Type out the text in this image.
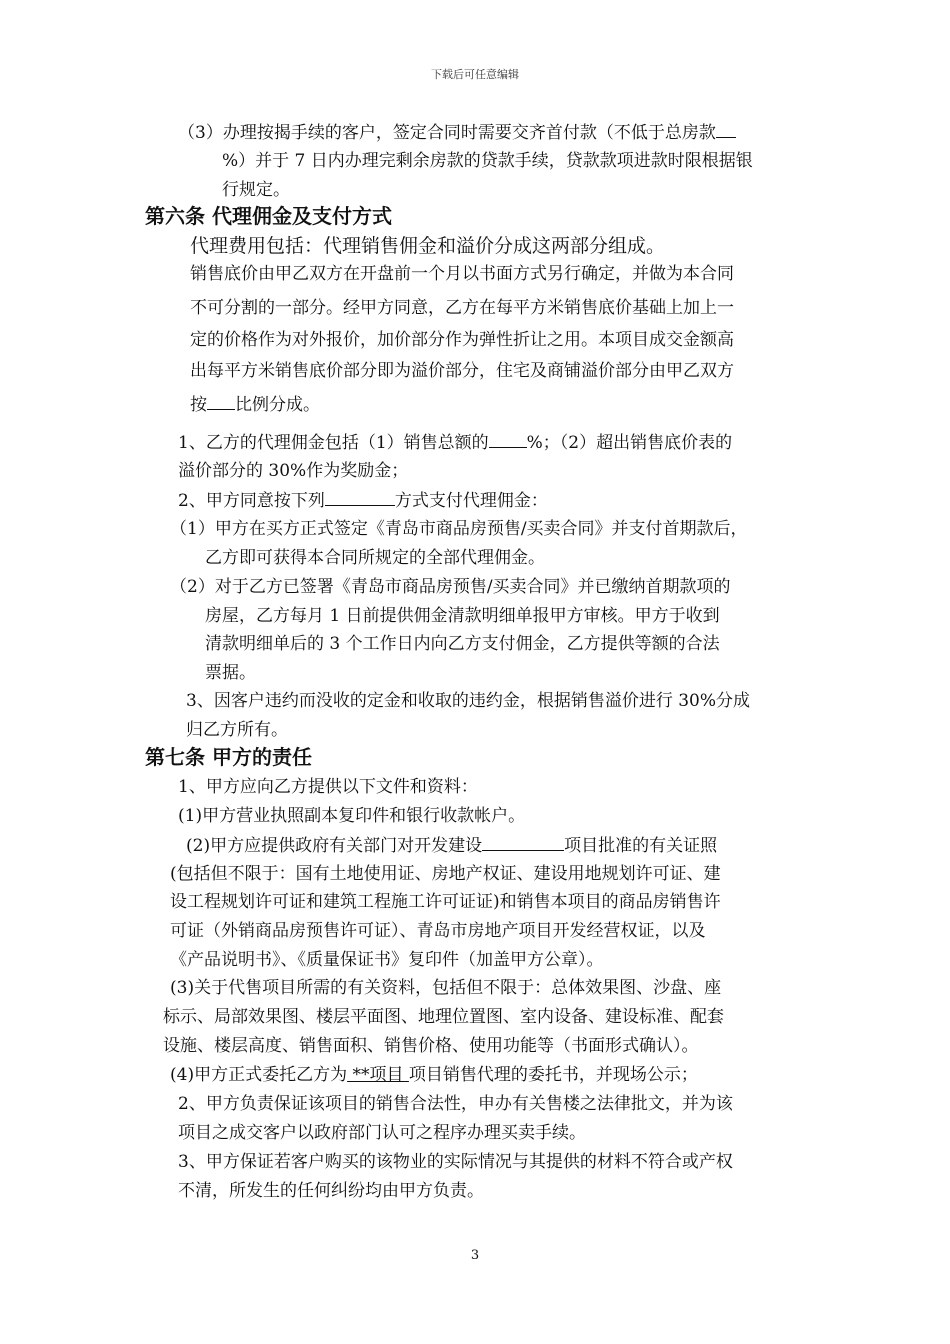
下载后可任意编辑
（3）办理按揭手续的客户，签定合同时需要交齐首付款（不低于总房款
%）并于 7 日内办理完剩余房款的贷款手续，贷款款项进款时限根据银
行规定。
第六条 代理佣金及支付方式
代理费用包括：代理销售佣金和溢价分成这两部分组成。
销售底价由甲乙双方在开盘前一个月以书面方式另行确定，并做为本合同
不可分割的一部分。经甲方同意，乙方在每平方米销售底价基础上加上一
定的价格作为对外报价，加价部分作为弹性折让之用。本项目成交金额高
出每平方米销售底价部分即为溢价部分，住宅及商铺溢价部分由甲乙双方
按 比例分成。
1、乙方的代理佣金包括（1）销售总额的 %；（2）超出销售底价表的
溢价部分的 30%作为奖励金；
2、甲方同意按下列	方式支付代理佣金：
（1）甲方在买方正式签定《青岛市商品房预售/买卖合同》并支付首期款后，
乙方即可获得本合同所规定的全部代理佣金。
（2）对于乙方已签署《青岛市商品房预售/买卖合同》并已缴纳首期款项的
房屋，乙方每月 1 日前提供佣金清款明细单报甲方审核。甲方于收到
清款明细单后的 3 个工作日内向乙方支付佣金，乙方提供等额的合法
票据。
3、因客户违约而没收的定金和收取的违约金，根据销售溢价进行 30%分成
归乙方所有。
第七条 甲方的责任
1、甲方应向乙方提供以下文件和资料：
(1)甲方营业执照副本复印件和银行收款帐户。
(2)甲方应提供政府有关部门对开发建设	项目批准的有关证照
(包括但不限于：国有土地使用证、房地产权证、建设用地规划许可证、建
设工程规划许可证和建筑工程施工许可证证)和销售本项目的商品房销售许
可证（外销商品房预售许可证）、青岛市房地产项目开发经营权证，以及
《产品说明书》、《质量保证书》复印件（加盖甲方公章）。
(3)关于代售项目所需的有关资料，包括但不限于：总体效果图、沙盘、座
标示、局部效果图、楼层平面图、地理位置图、室内设备、建设标准、配套
设施、楼层高度、销售面积、销售价格、使用功能等（书面形式确认）。
(4)甲方正式委托乙方为 **项目 项目销售代理的委托书，并现场公示；
2、甲方负责保证该项目的销售合法性，申办有关售楼之法律批文，并为该
项目之成交客户以政府部门认可之程序办理买卖手续。
3、甲方保证若客户购买的该物业的实际情况与其提供的材料不符合或产权
不清，所发生的任何纠纷均由甲方负责。
3
